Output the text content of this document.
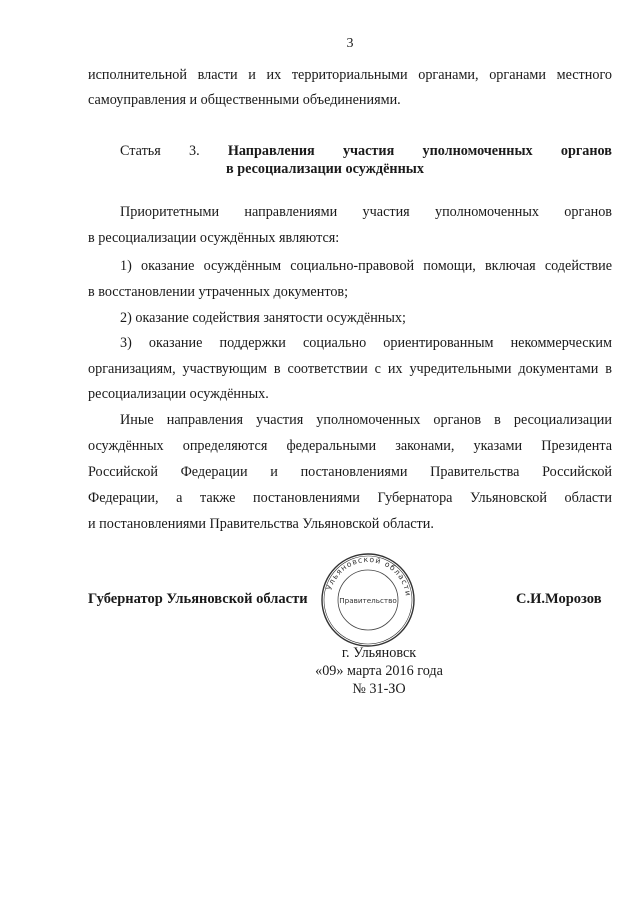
3
исполнительной власти и их территориальными органами, органами местного
самоуправления и общественными объединениями.
Статья 3. Направления участия уполномоченных органов
в ресоциализации осуждённых
Приоритетными направлениями участия уполномоченных органов
в ресоциализации осуждённых являются:
1) оказание осуждённым социально-правовой помощи, включая содействие
в восстановлении утраченных документов;
2) оказание содействия занятости осуждённых;
3) оказание поддержки социально ориентированным некоммерческим
организациям, участвующим в соответствии с их учредительными документами в
ресоциализации осуждённых.
Иные направления участия уполномоченных органов в ресоциализации
осуждённых определяются федеральными законами, указами Президента
Российской Федерации и постановлениями Правительства Российской
Федерации, а также постановлениями Губернатора Ульяновской области
и постановлениями Правительства Ульяновской области.
Ульяновской области
Правительство
Губернатор Ульяновской области	С.И.Морозов
г. Ульяновск
«09» марта 2016 года
№ 31-ЗО
